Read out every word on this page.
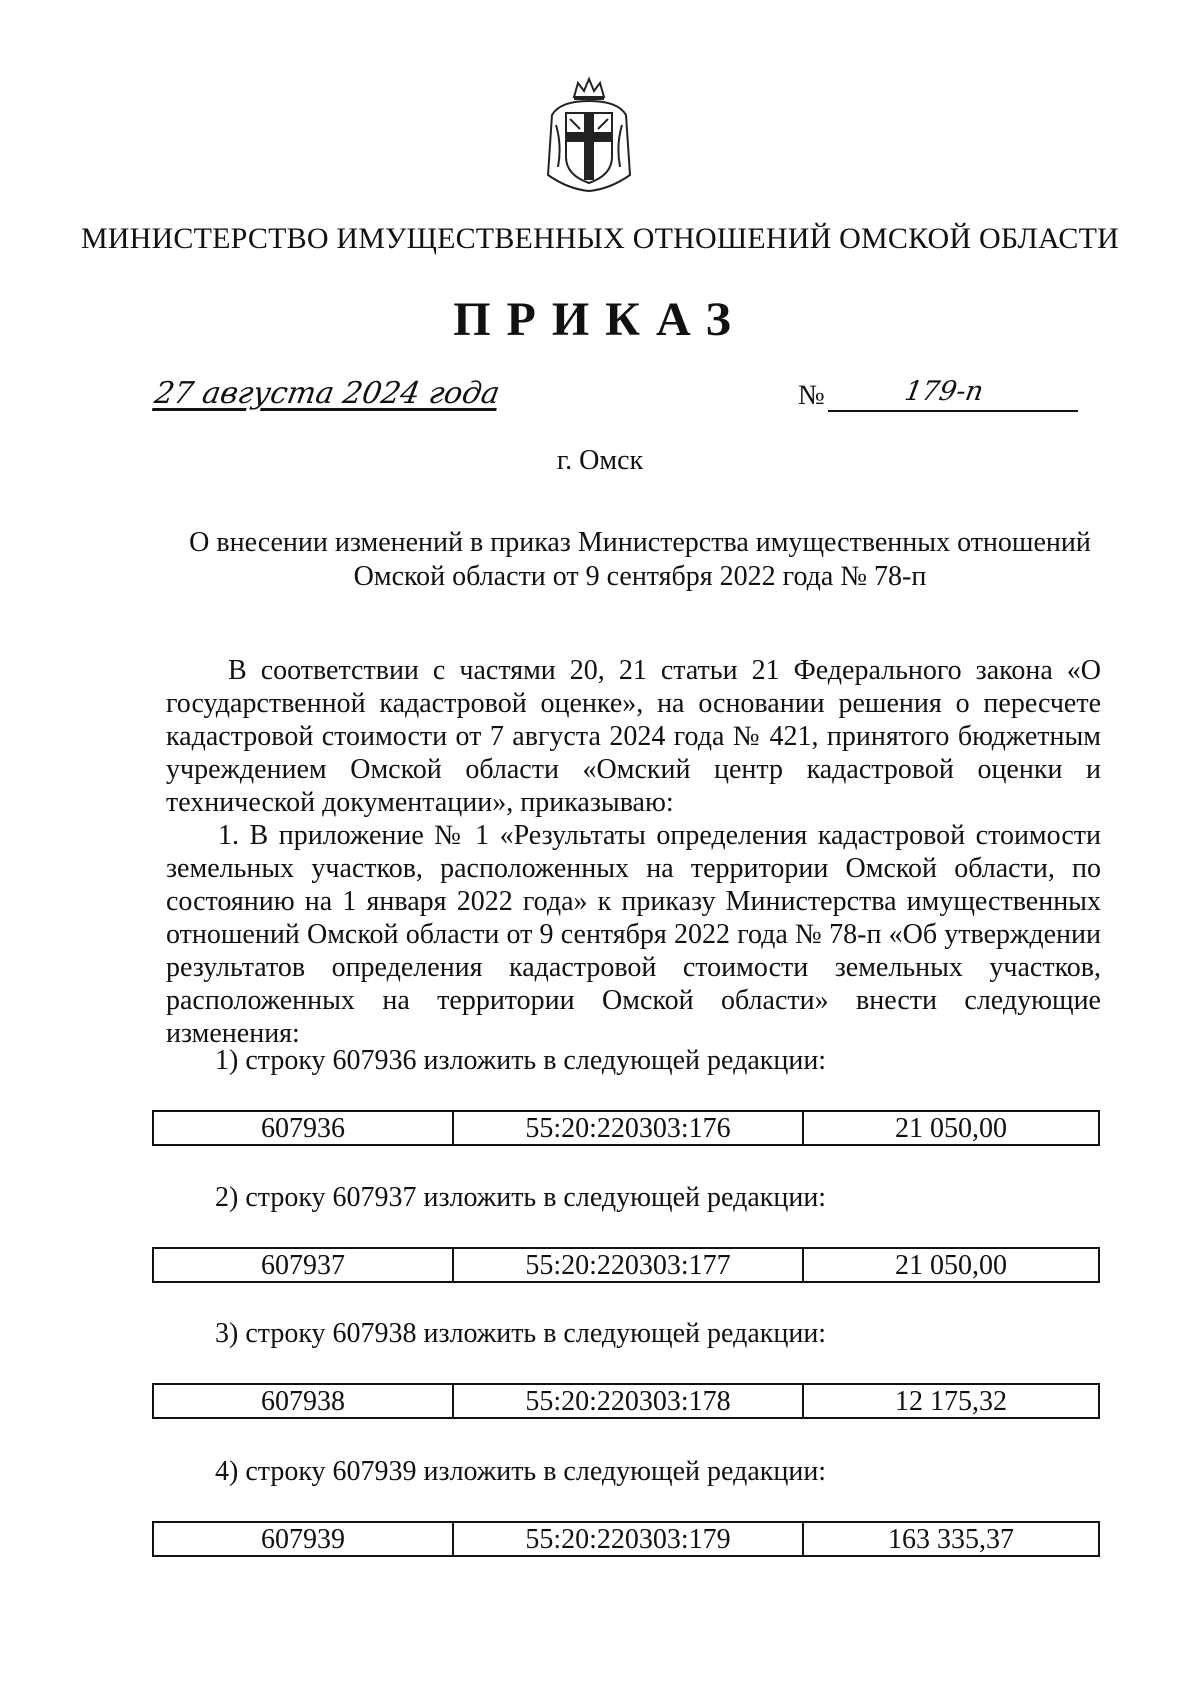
МИНИСТЕРСТВО ИМУЩЕСТВЕННЫХ ОТНОШЕНИЙ ОМСКОЙ ОБЛАСТИ
ПРИКАЗ
27 августа 2024 года	№	179-п
г. Омск
О внесении изменений в приказ Министерства имущественных отношений
Омской области от 9 сентября 2022 года № 78-п

В соответствии с частями 20, 21 статьи 21 Федерального закона «О государственной кадастровой оценке», на основании решения о пересчете кадастровой стоимости от 7 августа 2024 года № 421, принятого бюджетным учреждением Омской области «Омский центр кадастровой оценки и технической документации», приказываю:

1. В приложение № 1 «Результаты определения кадастровой стоимости земельных участков, расположенных на территории Омской области, по состоянию на 1 января 2022 года» к приказу Министерства имущественных отношений Омской области от 9 сентября 2022 года № 78-п «Об утверждении результатов определения кадастровой стоимости земельных участков, расположенных на территории Омской области» внести следующие изменения:

1) строку 607936 изложить в следующей редакции:
607936	55:20:220303:176	21 050,00
2) строку 607937 изложить в следующей редакции:
607937	55:20:220303:177	21 050,00
3) строку 607938 изложить в следующей редакции:
607938	55:20:220303:178	12 175,32
4) строку 607939 изложить в следующей редакции:
607939	55:20:220303:179	163 335,37
